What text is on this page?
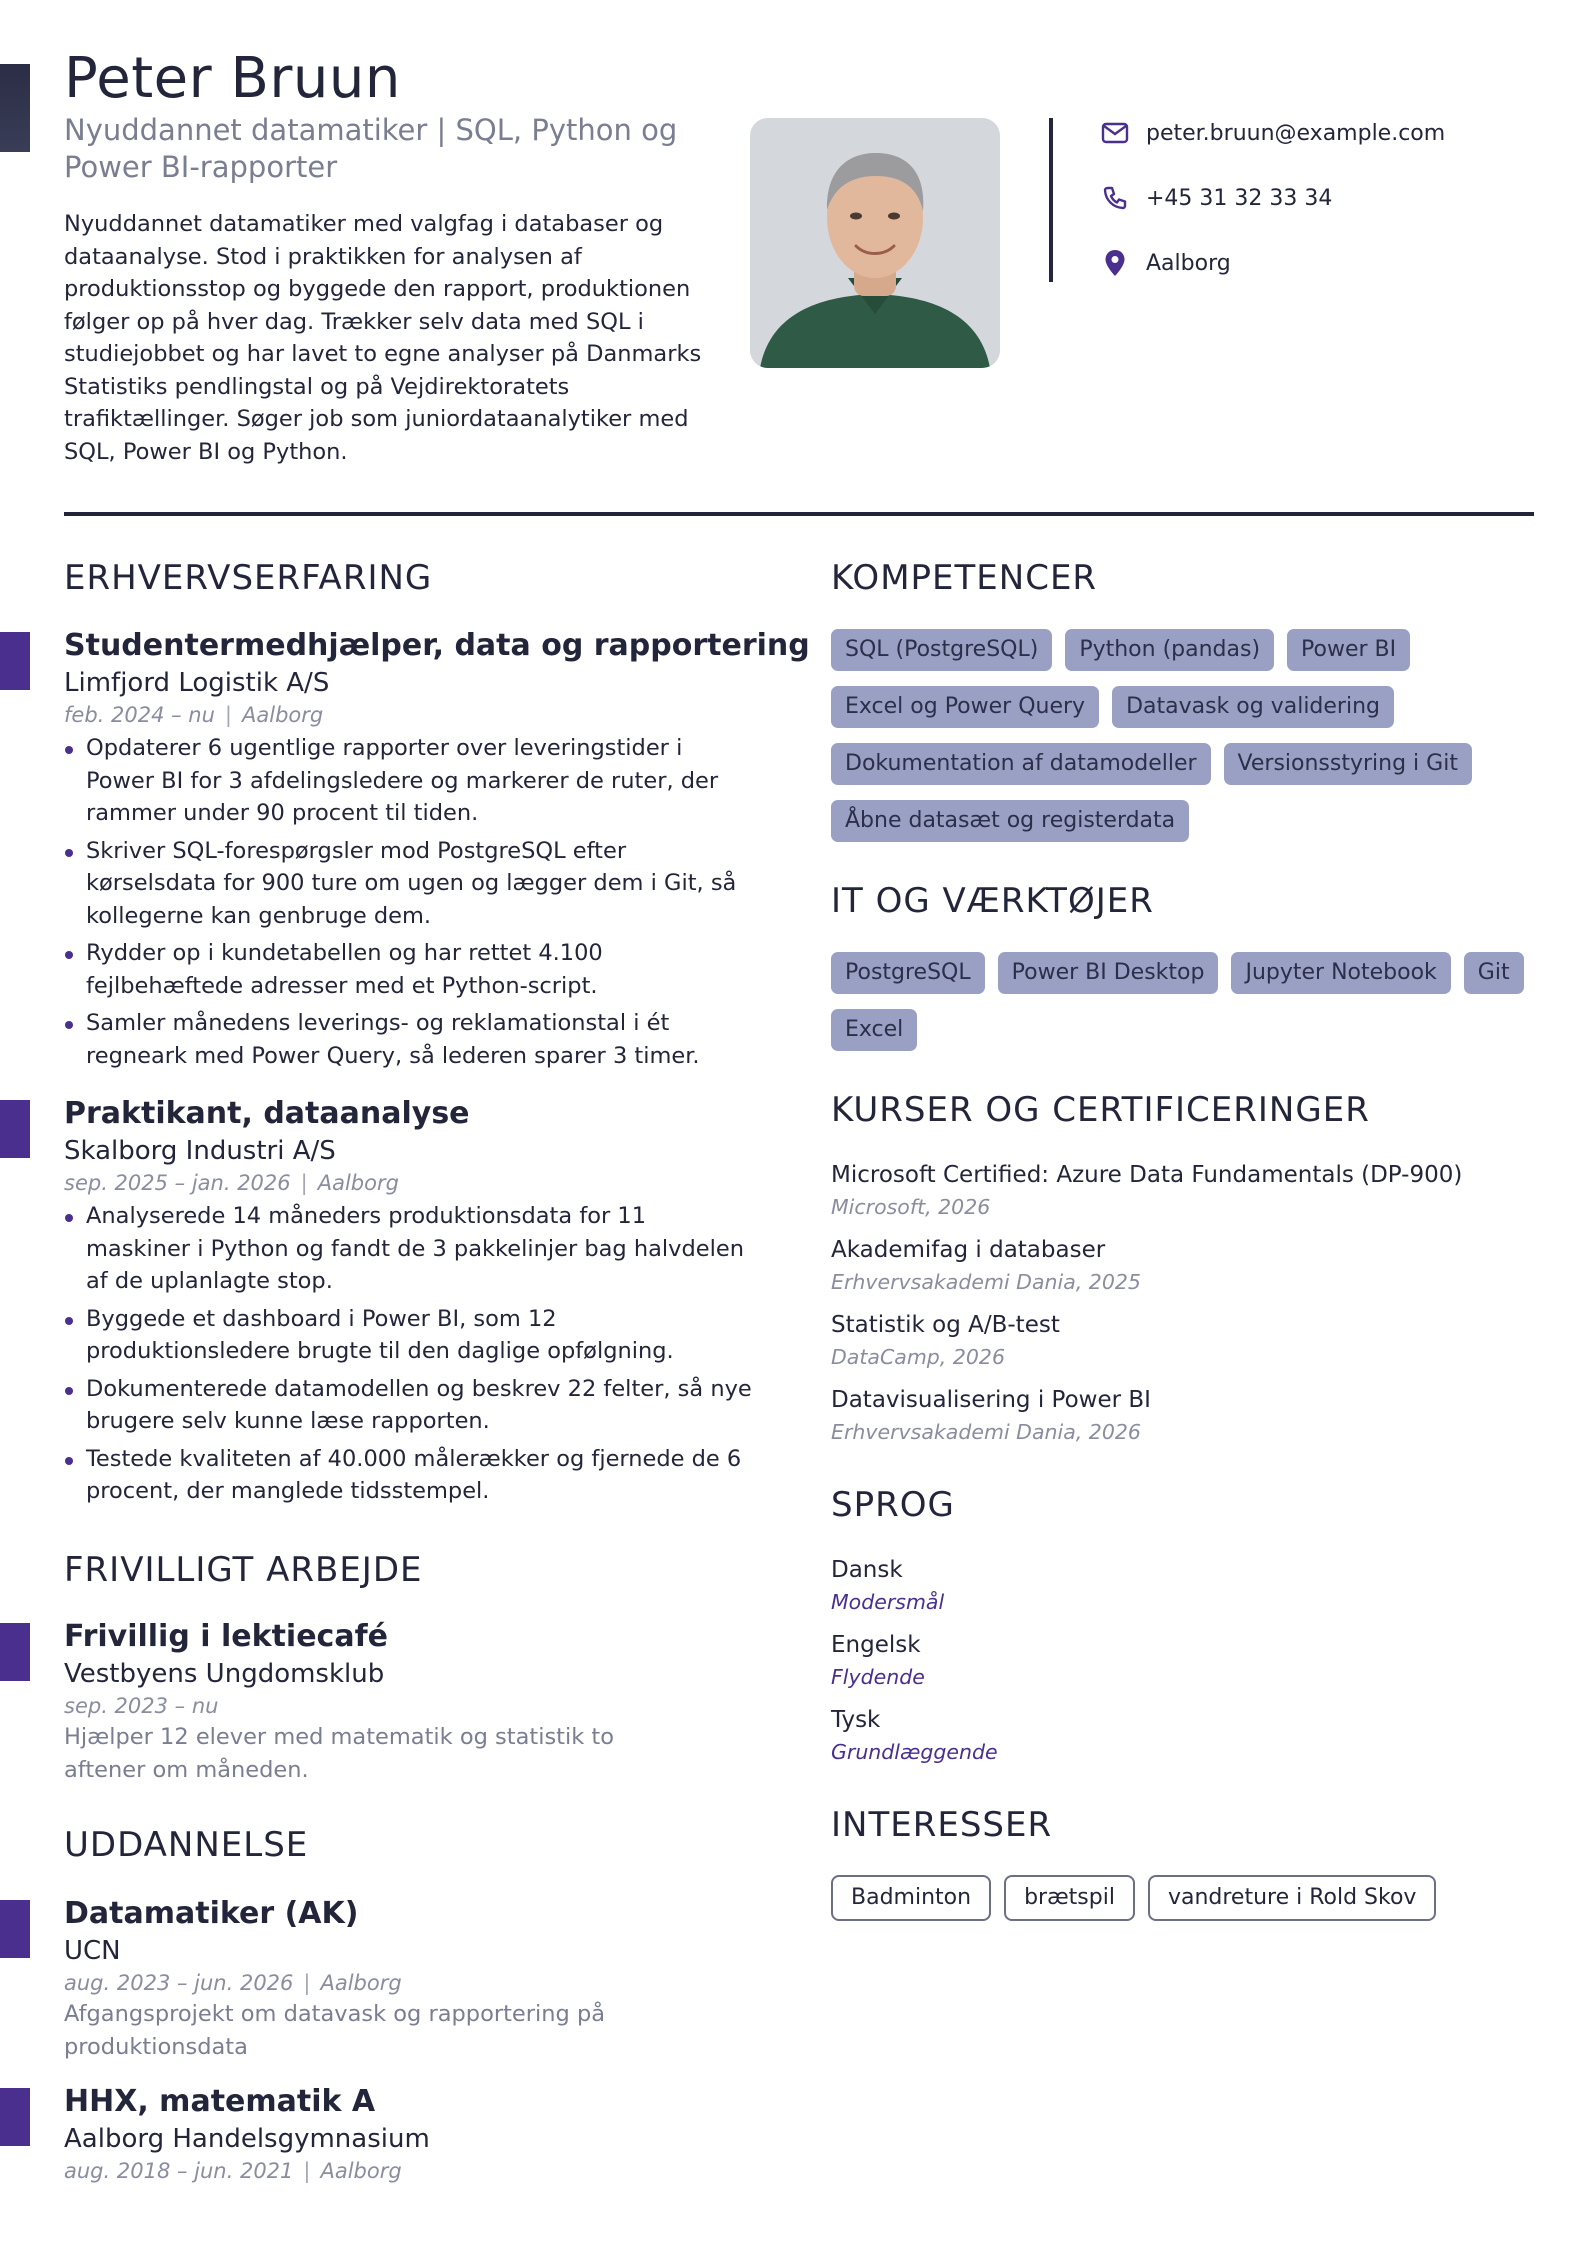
Peter Bruun
Nyuddannet datamatiker | SQL, Python og Power BI-rapporter
Nyuddannet datamatiker med valgfag i databaser og dataanalyse. Stod i praktikken for analysen af produktionsstop og byggede den rapport, produktionen følger op på hver dag. Trækker selv data med SQL i studiejobbet og har lavet to egne analyser på Danmarks Statistiks pendlingstal og på Vejdirektoratets trafiktællinger. Søger job som juniordataanalytiker med SQL, Power BI og Python.
peter.bruun@example.com
+45 31 32 33 34
Aalborg
ERHVERVSERFARING
Studentermedhjælper, data og rapportering
Limfjord Logistik A/S
feb. 2024 – nu | Aalborg
Opdaterer 6 ugentlige rapporter over leveringstider i Power BI for 3 afdelingsledere og markerer de ruter, der rammer under 90 procent til tiden.
Skriver SQL-forespørgsler mod PostgreSQL efter kørselsdata for 900 ture om ugen og lægger dem i Git, så kollegerne kan genbruge dem.
Rydder op i kundetabellen og har rettet 4.100 fejlbehæftede adresser med et Python-script.
Samler månedens leverings- og reklamationstal i ét regneark med Power Query, så lederen sparer 3 timer.
Praktikant, dataanalyse
Skalborg Industri A/S
sep. 2025 – jan. 2026 | Aalborg
Analyserede 14 måneders produktionsdata for 11 maskiner i Python og fandt de 3 pakkelinjer bag halvdelen af de uplanlagte stop.
Byggede et dashboard i Power BI, som 12 produktionsledere brugte til den daglige opfølgning.
Dokumenterede datamodellen og beskrev 22 felter, så nye brugere selv kunne læse rapporten.
Testede kvaliteten af 40.000 målerækker og fjernede de 6 procent, der manglede tidsstempel.
FRIVILLIGT ARBEJDE
Frivillig i lektiecafé
Vestbyens Ungdomsklub
sep. 2023 – nu
Hjælper 12 elever med matematik og statistik to aftener om måneden.
UDDANNELSE
Datamatiker (AK)
UCN
aug. 2023 – jun. 2026 | Aalborg
Afgangsprojekt om datavask og rapportering på produktionsdata
HHX, matematik A
Aalborg Handelsgymnasium
aug. 2018 – jun. 2021 | Aalborg
KOMPETENCER
SQL (PostgreSQL)	Python (pandas)	Power BI
Excel og Power Query	Datavask og validering
Dokumentation af datamodeller	Versionsstyring i Git
Åbne datasæt og registerdata
IT OG VÆRKTØJER
PostgreSQL	Power BI Desktop	Jupyter Notebook	Git
Excel
KURSER OG CERTIFICERINGER
Microsoft Certified: Azure Data Fundamentals (DP-900)
Microsoft, 2026
Akademifag i databaser
Erhvervsakademi Dania, 2025
Statistik og A/B-test
DataCamp, 2026
Datavisualisering i Power BI
Erhvervsakademi Dania, 2026
SPROG
Dansk
Modersmål
Engelsk
Flydende
Tysk
Grundlæggende
INTERESSER
Badminton	brætspil	vandreture i Rold Skov
